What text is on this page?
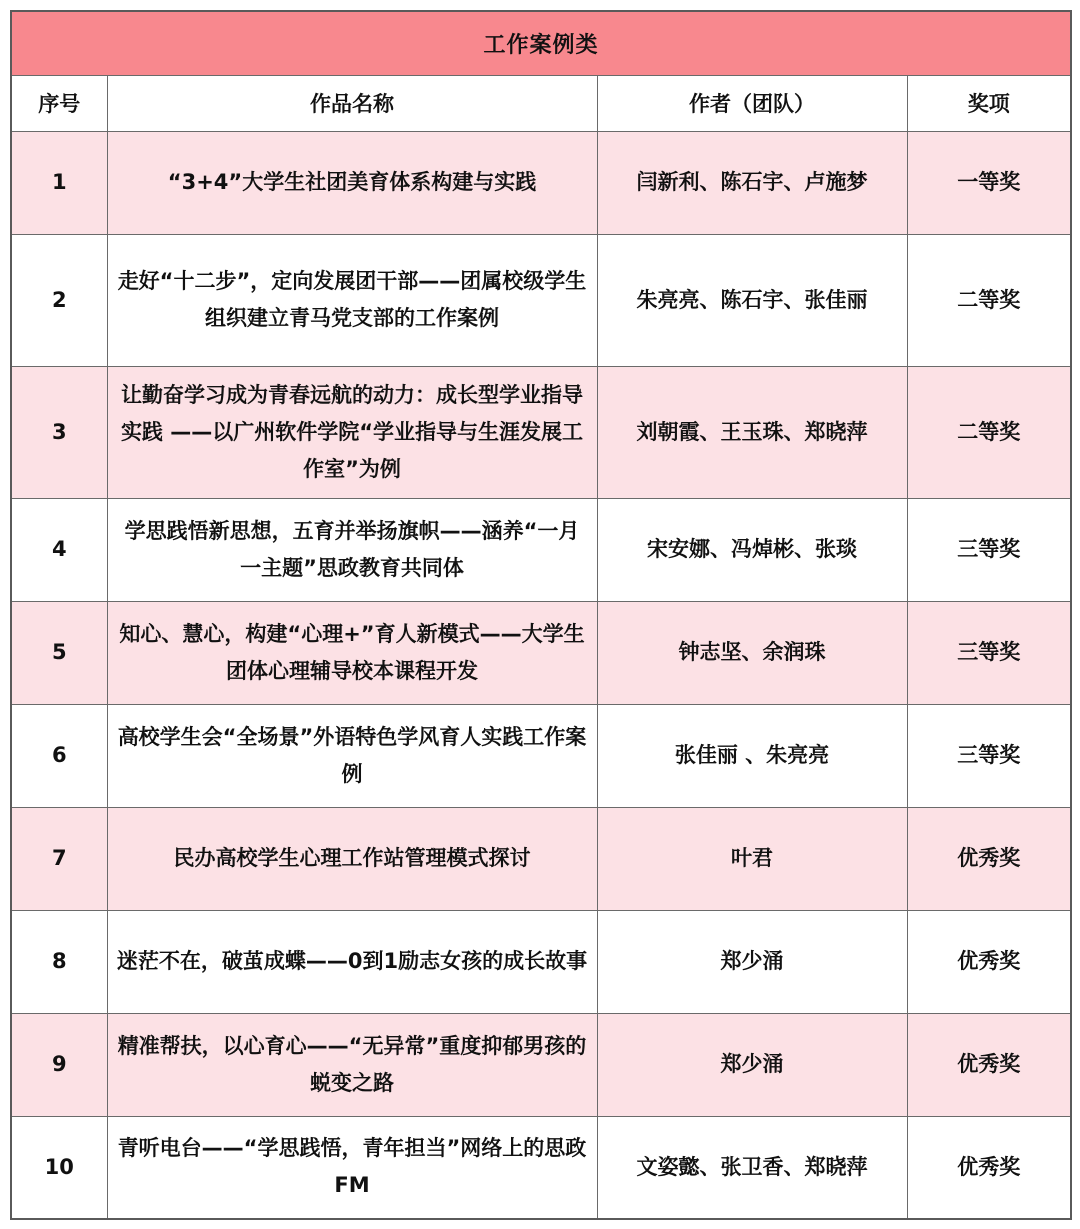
工作案例类			
序号	作品名称	作者（团队）	奖项
1	“3+4”大学生社团美育体系构建与实践	闫新利、陈石宇、卢施梦	一等奖
2	走好“十二步”，定向发展团干部——团属校级学生组织建立青马党支部的工作案例	朱亮亮、陈石宇、张佳丽	二等奖
3	让勤奋学习成为青春远航的动力：成长型学业指导实践 ——以广州软件学院“学业指导与生涯发展工作室”为例	刘朝霞、王玉珠、郑晓萍	二等奖
4	学思践悟新思想，五育并举扬旗帜——涵养“一月一主题”思政教育共同体	宋安娜、冯焯彬、张琰	三等奖
5	知心、慧心，构建“心理+”育人新模式——大学生团体心理辅导校本课程开发	钟志坚、余润珠	三等奖
6	高校学生会“全场景”外语特色学风育人实践工作案例	张佳丽 、朱亮亮	三等奖
7	民办高校学生心理工作站管理模式探讨	叶君	优秀奖
8	迷茫不在，破茧成蝶——0到1励志女孩的成长故事	郑少涌	优秀奖
9	精准帮扶，以心育心——“无异常”重度抑郁男孩的蜕变之路	郑少涌	优秀奖
10	青听电台——“学思践悟，青年担当”网络上的思政FM	文姿懿、张卫香、郑晓萍	优秀奖
